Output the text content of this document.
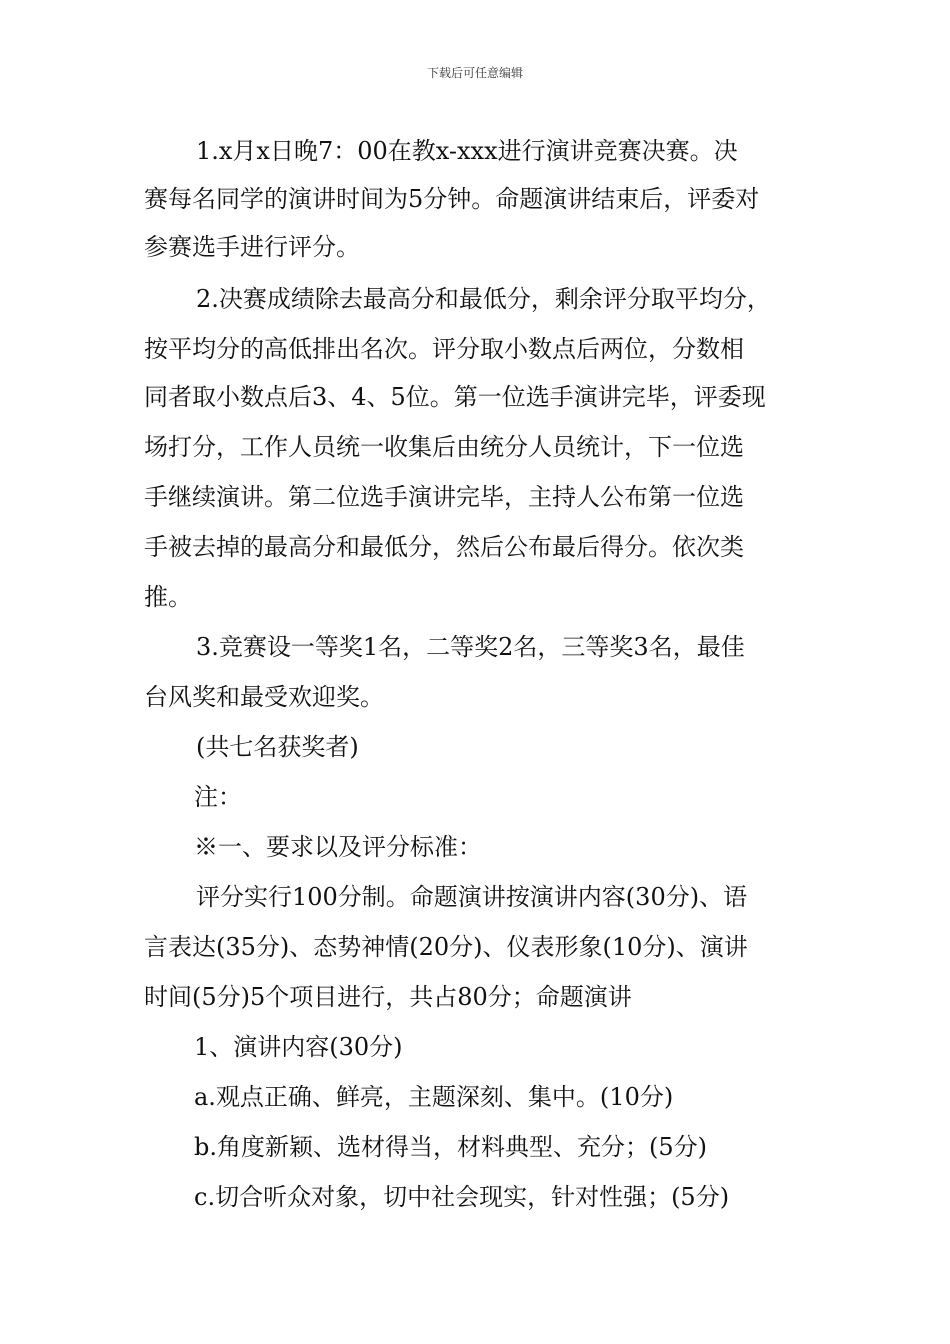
下载后可任意编辑
1.x月x日晚7：00在教x-xxx进行演讲竞赛决赛。决
赛每名同学的演讲时间为5分钟。命题演讲结束后，评委对
参赛选手进行评分。
2.决赛成绩除去最高分和最低分，剩余评分取平均分，
按平均分的高低排出名次。评分取小数点后两位，分数相
同者取小数点后3、4、5位。第一位选手演讲完毕，评委现
场打分，工作人员统一收集后由统分人员统计，下一位选
手继续演讲。第二位选手演讲完毕，主持人公布第一位选
手被去掉的最高分和最低分，然后公布最后得分。依次类
推。
3.竞赛设一等奖1名，二等奖2名，三等奖3名，最佳
台风奖和最受欢迎奖。
(共七名获奖者)
注：
※一、要求以及评分标准：
评分实行100分制。命题演讲按演讲内容(30分)、语
言表达(35分)、态势神情(20分)、仪表形象(10分)、演讲
时间(5分)5个项目进行，共占80分；命题演讲
1、演讲内容(30分)
a.观点正确、鲜亮，主题深刻、集中。(10分)
b.角度新颖、选材得当，材料典型、充分；(5分)
c.切合听众对象，切中社会现实，针对性强；(5分)
